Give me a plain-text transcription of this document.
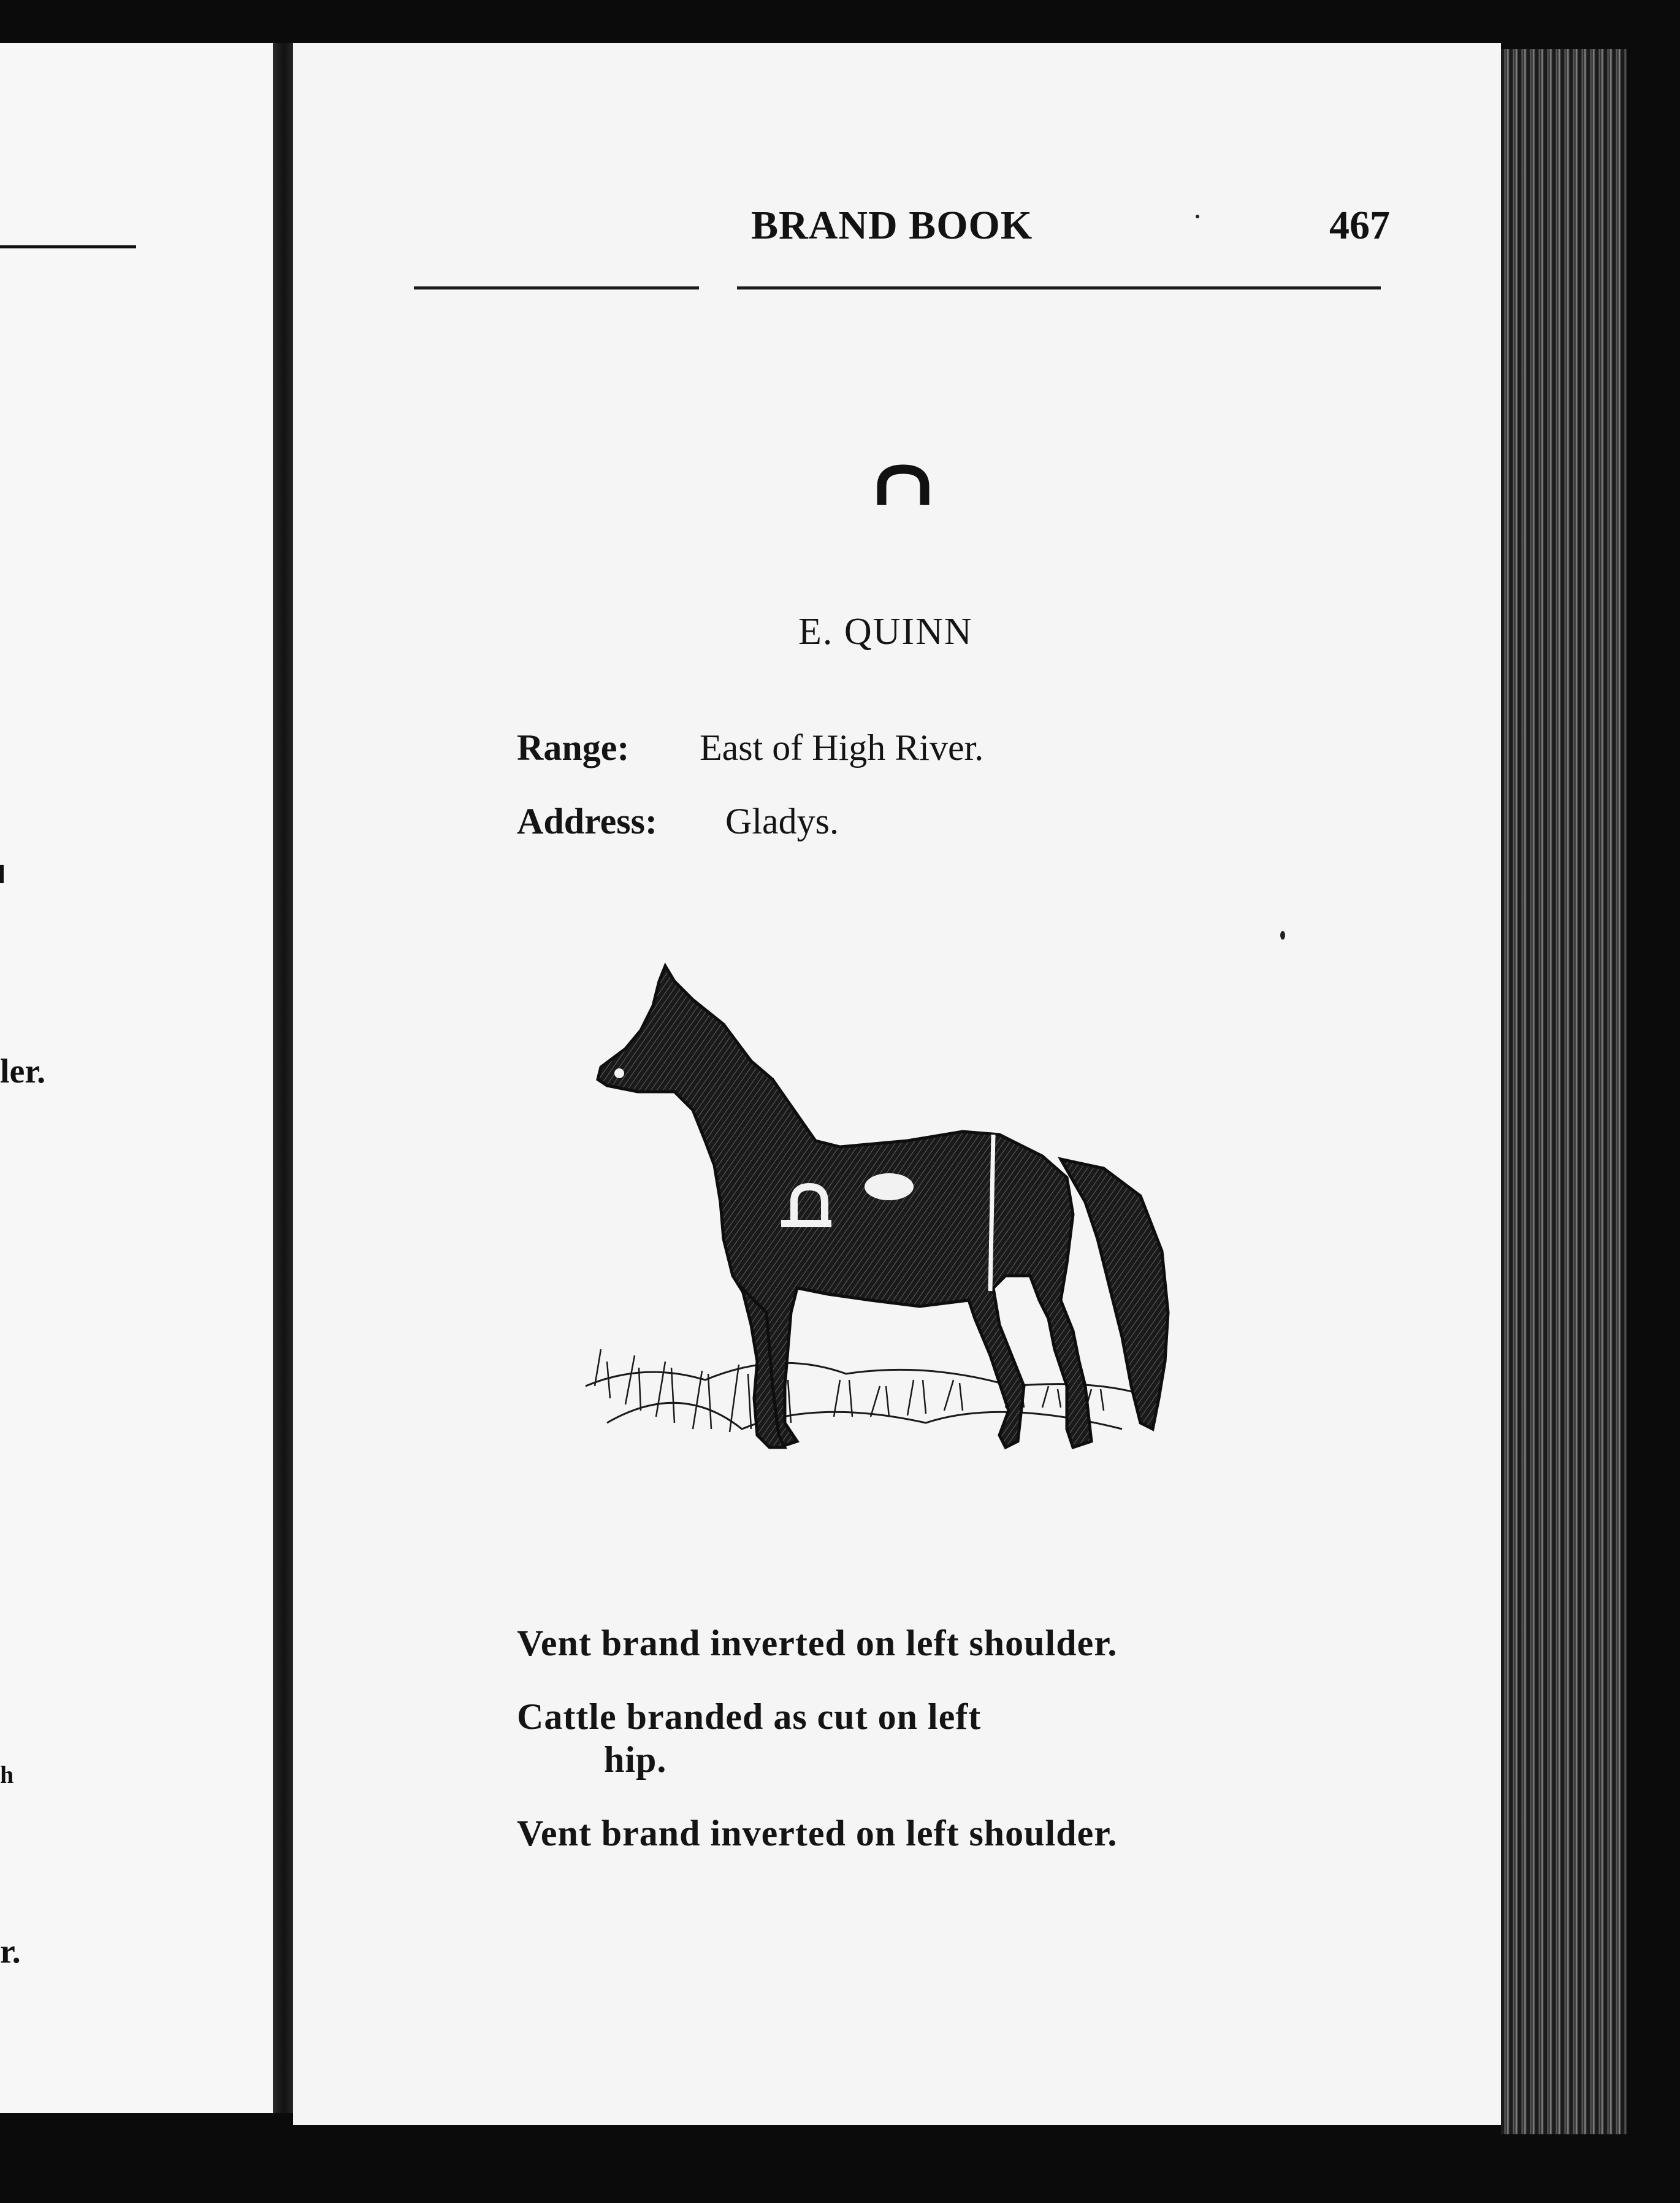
ler.
h
r.
BRAND BOOK	467
E. QUINN
Range: East of High River.
Address: Gladys.
Vent brand inverted on left shoulder.
Cattle branded as cut on left
hip.
Vent brand inverted on left shoulder.
